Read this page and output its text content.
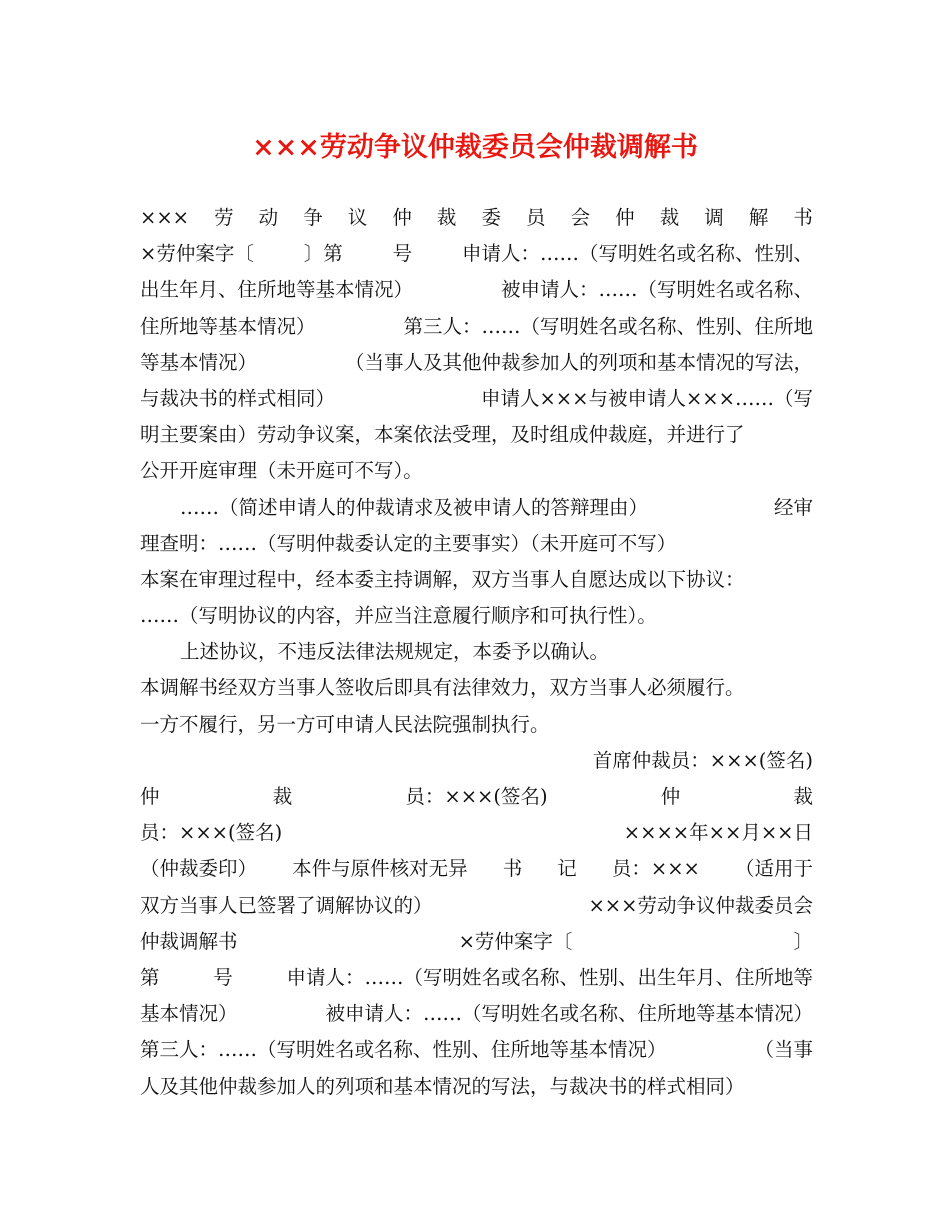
×××劳动争议仲裁委员会仲裁调解书
××× 劳 动 争 议 仲 裁 委 员 会 仲 裁 调 解 书
×劳仲案字〔	〕第	号	申请人：……（写明姓名或名称、性别、
出生年月、住所地等基本情况）	被申请人：……（写明姓名或名称、
住所地等基本情况）	第三人：……（写明姓名或名称、性别、住所地
等基本情况）	（当事人及其他仲裁参加人的列项和基本情况的写法，
与裁决书的样式相同）	申请人×××与被申请人×××……（写
明主要案由）劳动争议案，本案依法受理，及时组成仲裁庭，并进行了
公开开庭审理（未开庭可不写）。
……（简述申请人的仲裁请求及被申请人的答辩理由）	经审
理查明：……（写明仲裁委认定的主要事实）（未开庭可不写）
本案在审理过程中，经本委主持调解，双方当事人自愿达成以下协议：
……（写明协议的内容，并应当注意履行顺序和可执行性）。
上述协议，不违反法律法规规定，本委予以确认。
本调解书经双方当事人签收后即具有法律效力，双方当事人必须履行。
一方不履行，另一方可申请人民法院强制执行。
首席仲裁员：×××(签名)
仲	裁	员：×××(签名)	仲	裁
员：×××(签名)	××××年××月××日
（仲裁委印） 本件与原件核对无异 书 记 员：××× （适用于
双方当事人已签署了调解协议的）	×××劳动争议仲裁委员会
仲裁调解书	×劳仲案字〔	〕
第	号	申请人：……（写明姓名或名称、性别、出生年月、住所地等
基本情况）	被申请人：……（写明姓名或名称、住所地等基本情况）
第三人：……（写明姓名或名称、性别、住所地等基本情况）	（当事
人及其他仲裁参加人的列项和基本情况的写法，与裁决书的样式相同）
